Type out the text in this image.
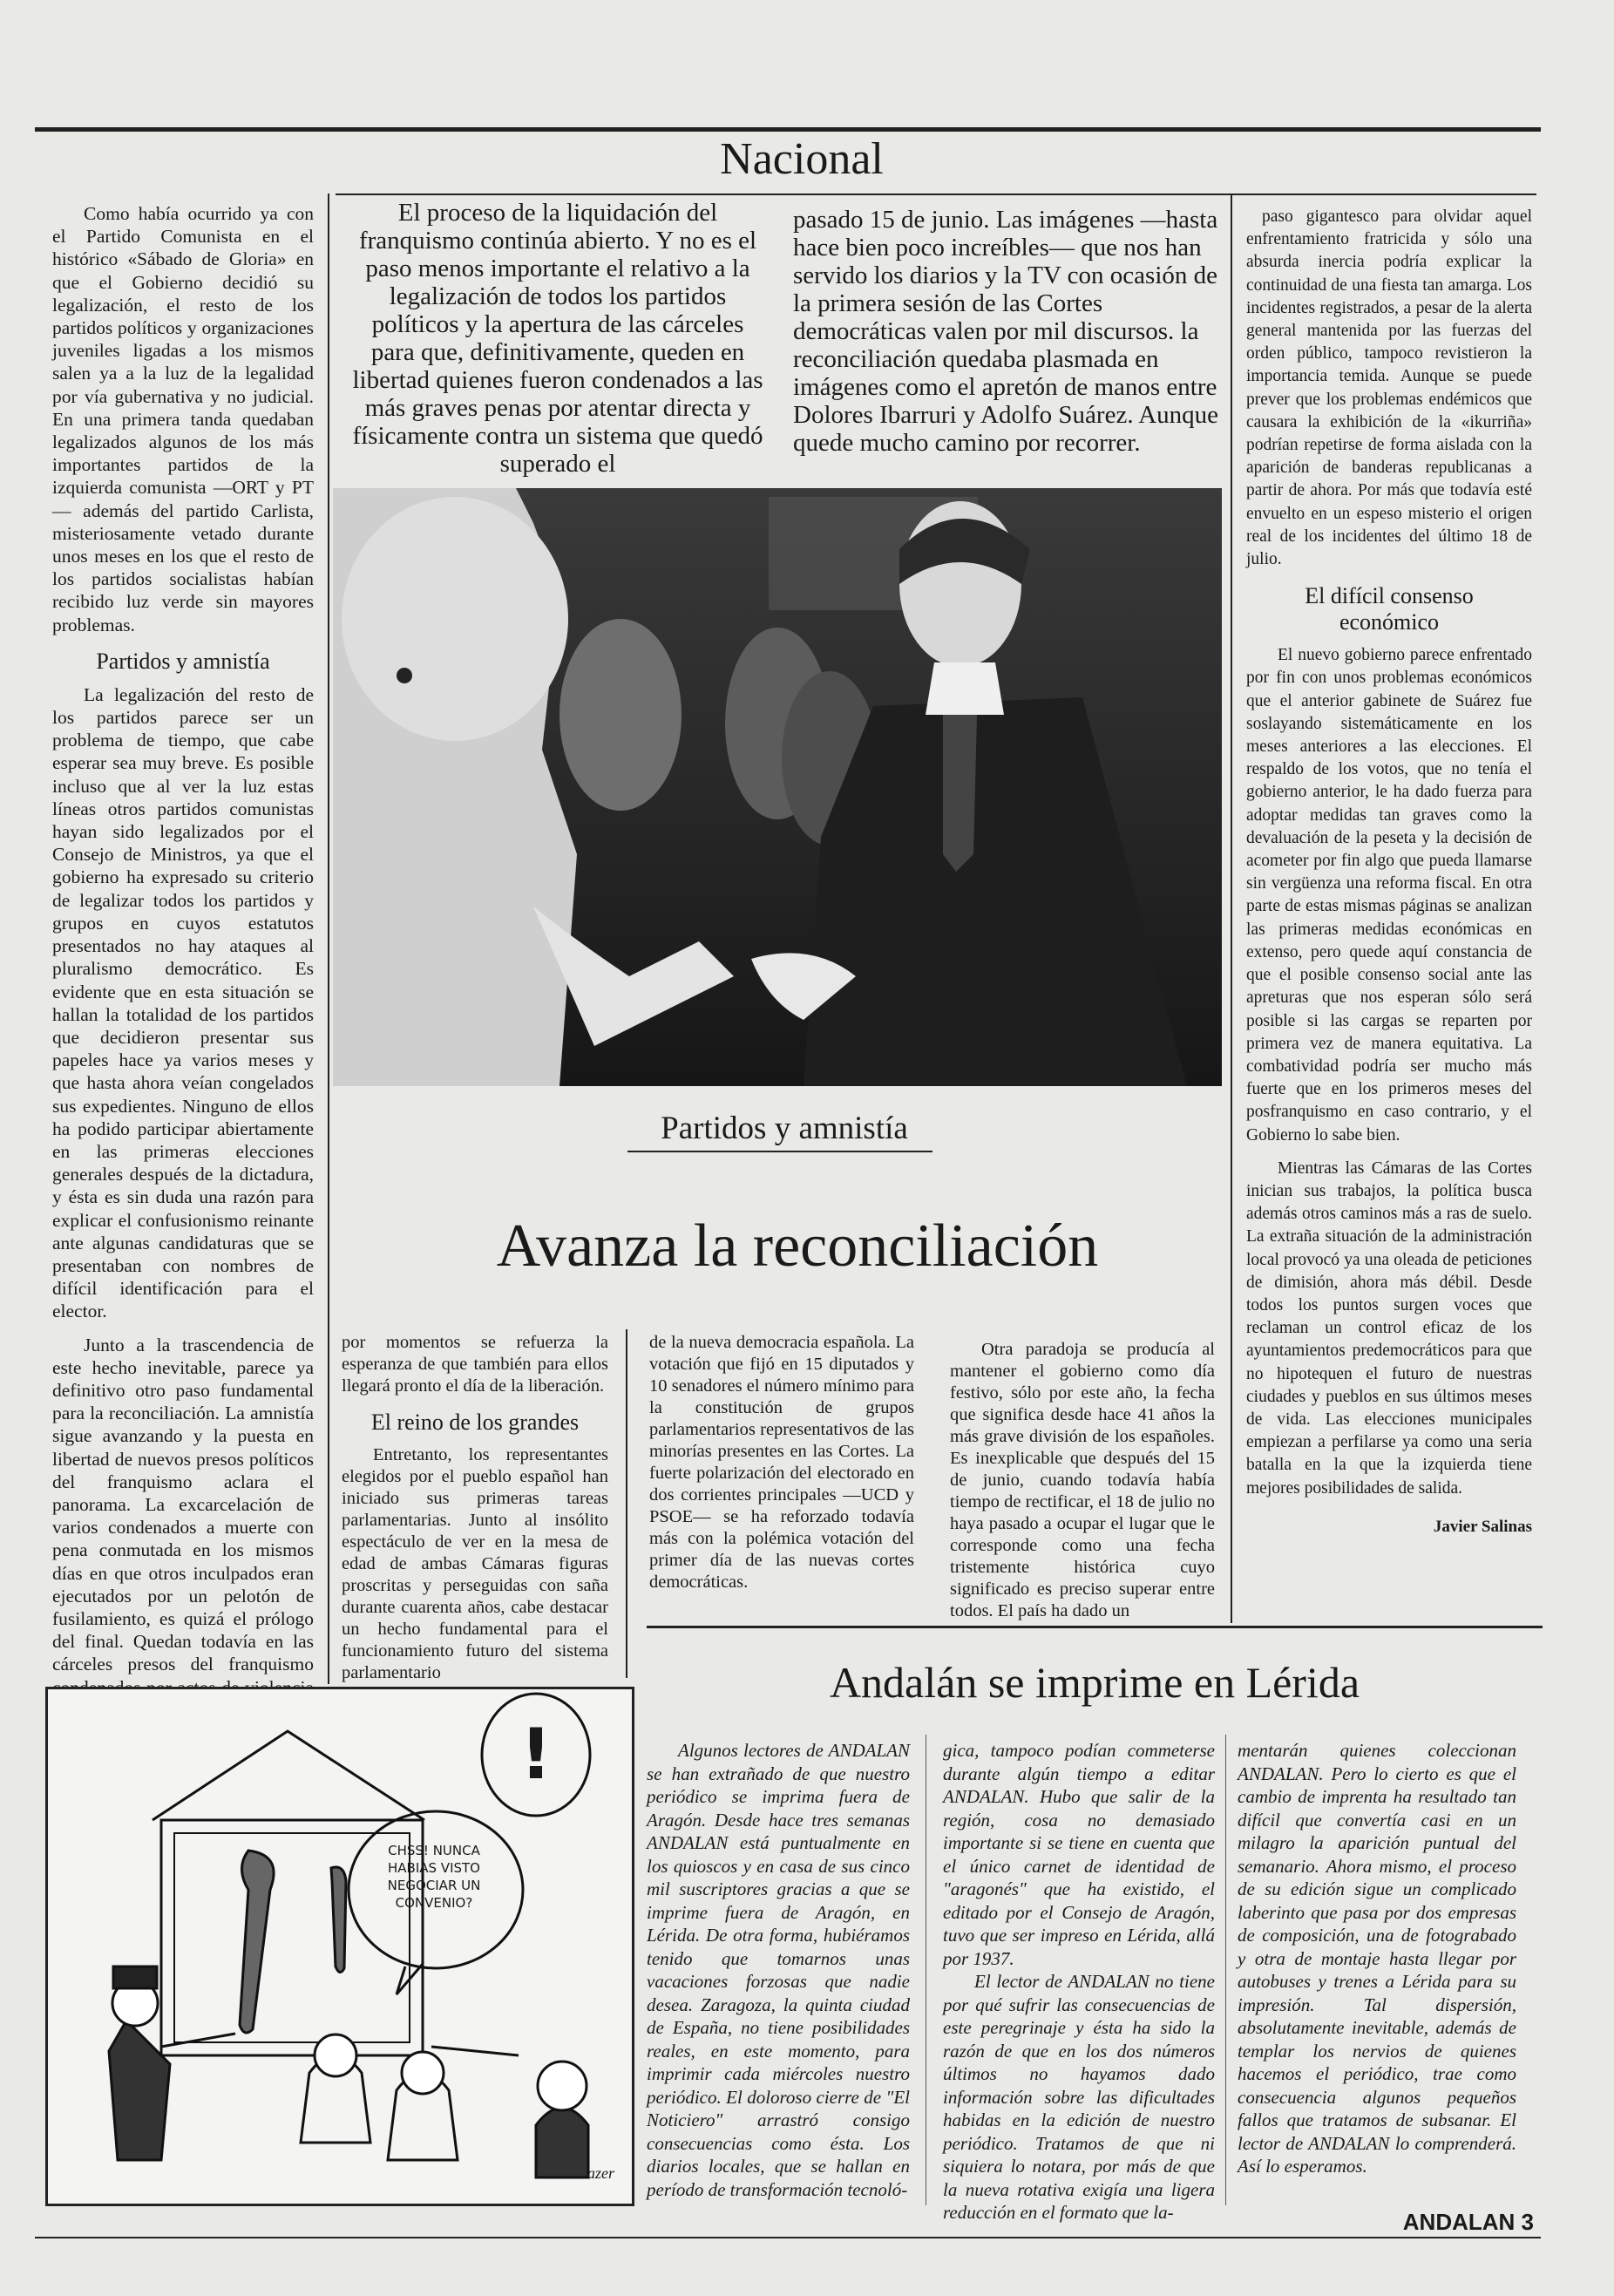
Nacional

Como había ocurrido ya con el Partido Comunista en el histórico «Sábado de Gloria» en que el Gobierno decidió su legalización, el resto de los partidos políticos y organizaciones juveniles ligadas a los mismos salen ya a la luz de la legalidad por vía gubernativa y no judicial. En una primera tanda quedaban legalizados algunos de los más importantes partidos de la izquierda comunista —ORT y PT— además del partido Carlista, misteriosamente vetado durante unos meses en los que el resto de los partidos socialistas habían recibido luz verde sin mayores problemas.

Partidos y amnistía

La legalización del resto de los partidos parece ser un problema de tiempo, que cabe esperar sea muy breve. Es posible incluso que al ver la luz estas líneas otros partidos comunistas hayan sido legalizados por el Consejo de Ministros, ya que el gobierno ha expresado su criterio de legalizar todos los partidos y grupos en cuyos estatutos presentados no hay ataques al pluralismo democrático. Es evidente que en esta situación se hallan la totalidad de los partidos que decidieron presentar sus papeles hace ya varios meses y que hasta ahora veían congelados sus expedientes. Ninguno de ellos ha podido participar abiertamente en las primeras elecciones generales después de la dictadura, y ésta es sin duda una razón para explicar el confusionismo reinante ante algunas candidaturas que se presentaban con nombres de difícil identificación para el elector.

Junto a la trascendencia de este hecho inevitable, parece ya definitivo otro paso fundamental para la reconciliación. La amnistía sigue avanzando y la puesta en libertad de nuevos presos políticos del franquismo aclara el panorama. La excarcelación de varios condenados a muerte con pena conmutada en los mismos días en que otros inculpados eran ejecutados por un pelotón de fusilamiento, es quizá el prólogo del final. Quedan todavía en las cárceles presos del franquismo

El proceso de la liquidación del franquismo continúa abierto. Y no es el paso menos importante el relativo a la legalización de todos los partidos políticos y la apertura de las cárceles para que, definitivamente, queden en libertad quienes fueron condenados a las más graves penas por atentar directa y físicamente contra un sistema que quedó superado el
pasado 15 de junio. Las imágenes —hasta hace bien poco increíbles— que nos han servido los diarios y la TV con ocasión de la primera sesión de las Cortes democráticas valen por mil discursos. la reconciliación quedaba plasmada en imágenes como el apretón de manos entre Dolores Ibarruri y Adolfo Suárez. Aunque quede mucho camino por recorrer.
Partidos y amnistía
Avanza la reconciliación

paso gigantesco para olvidar aquel enfrentamiento fratricida y sólo una absurda inercia podría explicar la continuidad de una fiesta tan amarga. Los incidentes registrados, a pesar de la alerta general mantenida por las fuerzas del orden público, tampoco revistieron la importancia temida. Aunque se puede prever que los problemas endémicos que causara la exhibición de la «ikurriña» podrían repetirse de forma aislada con la aparición de banderas republicanas a partir de ahora. Por más que todavía esté envuelto en un espeso misterio el origen real de los incidentes del último 18 de julio.

El difícil consenso económico

El nuevo gobierno parece enfrentado por fin con unos problemas económicos que el anterior gabinete de Suárez fue soslayando sistemáticamente en los meses anteriores a las elecciones. El respaldo de los votos, que no tenía el gobierno anterior, le ha dado fuerza para adoptar medidas tan graves como la devaluación de la peseta y la decisión de acometer por fin algo que pueda llamarse sin vergüenza una reforma fiscal. En otra parte de estas mismas páginas se analizan las primeras medidas económicas en extenso, pero quede aquí constancia de que el posible consenso social ante las apreturas que nos esperan sólo será posible si las cargas se reparten por primera vez de manera equitativa. La combatividad podría ser mucho más fuerte que en los primeros meses del posfranquismo en caso contrario, y el Gobierno lo sabe bien.

Mientras las Cámaras de las Cortes inician sus trabajos, la política busca además otros caminos más a ras de suelo. La extraña situación de la administración local provocó ya una oleada de peticiones de dimisión, ahora más débil. Desde todos los puntos surgen voces que reclaman un control eficaz de los ayuntamientos predemocráticos para que no hipotequen el futuro de nuestras ciudades y pueblos en sus últimos meses de vida. Las elecciones municipales empiezan a perfilarse ya como una seria batalla en la que la izquierda tiene mejores posibilidades de salida.

Javier Salinas

por momentos se refuerza la esperanza de que también para ellos llegará pronto el día de la liberación.

El reino de los grandes

Entretanto, los representantes elegidos por el pueblo español han iniciado sus primeras tareas parlamentarias. Junto al insólito espectáculo de ver en la mesa de edad de ambas Cámaras figuras proscritas y perseguidas con saña durante cuarenta años, cabe destacar un hecho fundamental para el funcionamiento futuro del sistema parlamentario

de la nueva democracia española. La votación que fijó en 15 diputados y 10 senadores el número mínimo para la constitución de grupos parlamentarios representativos de las minorías presentes en las Cortes. La fuerte polarización del electorado en dos corrientes principales —UCD y PSOE— se ha reforzado todavía más con la polémica votación del primer día de las nuevas cortes democráticas.

Otra paradoja se producía al mantener el gobierno como día festivo, sólo por este año, la fecha que significa desde hace 41 años la más grave división de los españoles. Es inexplicable que después del 15 de junio, cuando todavía había tiempo de rectificar, el 18 de julio no haya pasado a ocupar el lugar que le corresponde como una fecha tristemente histórica cuyo significado es preciso superar entre todos. El país ha dado un

Andalán se imprime en Lérida

Algunos lectores de ANDALAN se han extrañado de que nuestro periódico se imprima fuera de Aragón. Desde hace tres semanas ANDALAN está puntualmente en los quioscos y en casa de sus cinco mil suscriptores gracias a que se imprime fuera de Aragón, en Lérida. De otra forma, hubiéramos tenido que tomarnos unas vacaciones forzosas que nadie desea. Zaragoza, la quinta ciudad de España, no tiene posibilidades reales, en este momento, para imprimir cada miércoles nuestro periódico. El doloroso cierre de "El Noticiero" arrastró consigo consecuencias como ésta. Los diarios locales, que se hallan en período de transformación tecnoló-

gica, tampoco podían commeterse durante algún tiempo a editar ANDALAN. Hubo que salir de la región, cosa no demasiado importante si se tiene en cuenta que el único carnet de identidad de "aragonés" que ha existido, el editado por el Consejo de Aragón, tuvo que ser impreso en Lérida, allá por 1937.

El lector de ANDALAN no tiene por qué sufrir las consecuencias de este peregrinaje y ésta ha sido la razón de que en los dos números últimos no hayamos dado información sobre las dificultades habidas en la edición de nuestro periódico. Tratamos de que ni siquiera lo notara, por más de que la nueva rotativa exigía una ligera reducción en el formato que la-

mentarán quienes coleccionan ANDALAN. Pero lo cierto es que el cambio de imprenta ha resultado tan difícil que convertía casi en un milagro la aparición puntual del semanario. Ahora mismo, el proceso de su edición sigue un complicado laberinto que pasa por dos empresas de composición, una de fotograbado y otra de montaje hasta llegar por autobuses y trenes a Lérida para su impresión. Tal dispersión, absolutamente inevitable, además de templar los nervios de quienes hacemos el periódico, trae como consecuencia algunos pequeños fallos que tratamos de subsanar. El lector de ANDALAN lo comprenderá. Así lo esperamos.

!
CHSS! NUNCA HABIAS VISTO NEGOCIAR UN CONVENIO?
azer
ANDALAN 3
